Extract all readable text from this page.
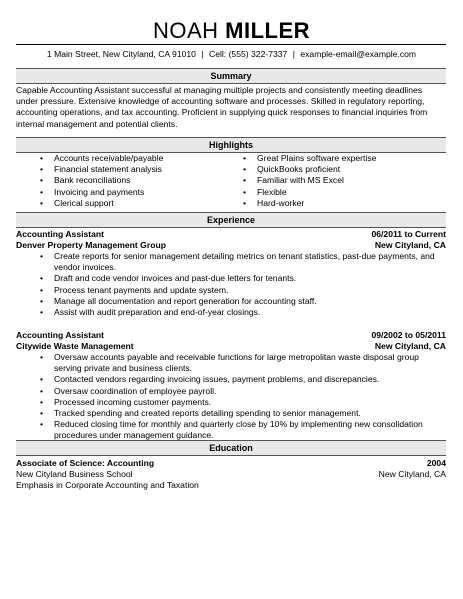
NOAH MILLER
1 Main Street, New Cityland, CA 91010 | Cell: (555) 322-7337 | example-email@example.com
Summary
Capable Accounting Assistant successful at managing multiple projects and consistently meeting deadlines under pressure. Extensive knowledge of accounting software and processes. Skilled in regulatory reporting, accounting operations, and tax accounting. Proficient in supplying quick responses to financial inquiries from internal management and potential clients.
Highlights
• Accounts receivable/payable
• Financial statement analysis
• Bank reconciliations
• Invoicing and payments
• Clerical support
• Great Plains software expertise
• QuickBooks proficient
• Familiar with MS Excel
• Flexible
• Hard-worker
Experience
Accounting Assistant	06/2011 to Current
Denver Property Management Group	New Cityland, CA
• Create reports for senior management detailing metrics on tenant statistics, past-due payments, and vendor invoices.
• Draft and code vendor invoices and past-due letters for tenants.
• Process tenant payments and update system.
• Manage all documentation and report generation for accounting staff.
• Assist with audit preparation and end-of-year closings.
Accounting Assistant	09/2002 to 05/2011
Citywide Waste Management	New Cityland, CA
• Oversaw accounts payable and receivable functions for large metropolitan waste disposal group serving private and business clients.
• Contacted vendors regarding invoicing issues, payment problems, and discrepancies.
• Oversaw coordination of employee payroll.
• Processed incoming customer payments.
• Tracked spending and created reports detailing spending to senior management.
• Reduced closing time for monthly and quarterly close by 10% by implementing new consolidation procedures under management guidance.
Education
Associate of Science: Accounting	2004
New Cityland Business School	New Cityland, CA
Emphasis in Corporate Accounting and Taxation
